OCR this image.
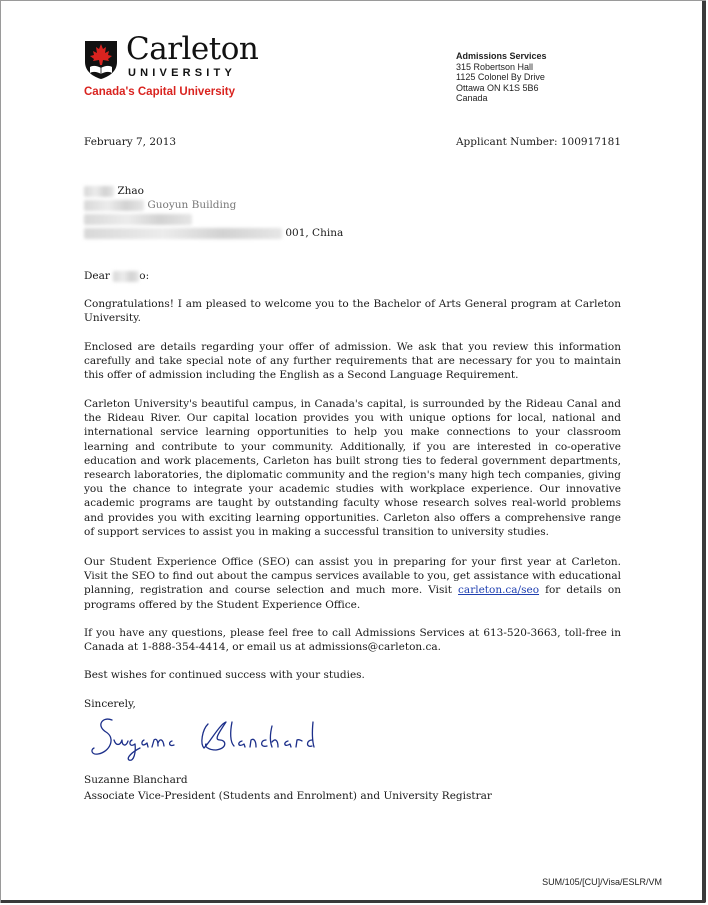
Carleton
UNIVERSITY
Canada's Capital University
Admissions Services
315 Robertson Hall
1125 Colonel By Drive
Ottawa ON K1S 5B6
Canada
February 7, 2013	Applicant Number: 100917181
Zhao
Guoyun Building
001, China
Dear	o:
Congratulations! I am pleased to welcome you to the Bachelor of Arts General program at Carleton University.
Enclosed are details regarding your offer of admission. We ask that you review this information carefully and take special note of any further requirements that are necessary for you to maintain this offer of admission including the English as a Second Language Requirement.
Carleton University's beautiful campus, in Canada's capital, is surrounded by the Rideau Canal and the Rideau River. Our capital location provides you with unique options for local, national and international service learning opportunities to help you make connections to your classroom learning and contribute to your community. Additionally, if you are interested in co-operative education and work placements, Carleton has built strong ties to federal government departments, research laboratories, the diplomatic community and the region's many high tech companies, giving you the chance to integrate your academic studies with workplace experience. Our innovative academic programs are taught by outstanding faculty whose research solves real-world problems and provides you with exciting learning opportunities. Carleton also offers a comprehensive range of support services to assist you in making a successful transition to university studies.
Our Student Experience Office (SEO) can assist you in preparing for your first year at Carleton. Visit the SEO to find out about the campus services available to you, get assistance with educational planning, registration and course selection and much more. Visit carleton.ca/seo for details on programs offered by the Student Experience Office.
If you have any questions, please feel free to call Admissions Services at 613-520-3663, toll-free in Canada at 1-888-354-4414, or email us at admissions@carleton.ca.
Best wishes for continued success with your studies.
Sincerely,
Suzanne Blanchard
Associate Vice-President (Students and Enrolment) and University Registrar
SUM/105/[CU]/Visa/ESLR/VM
